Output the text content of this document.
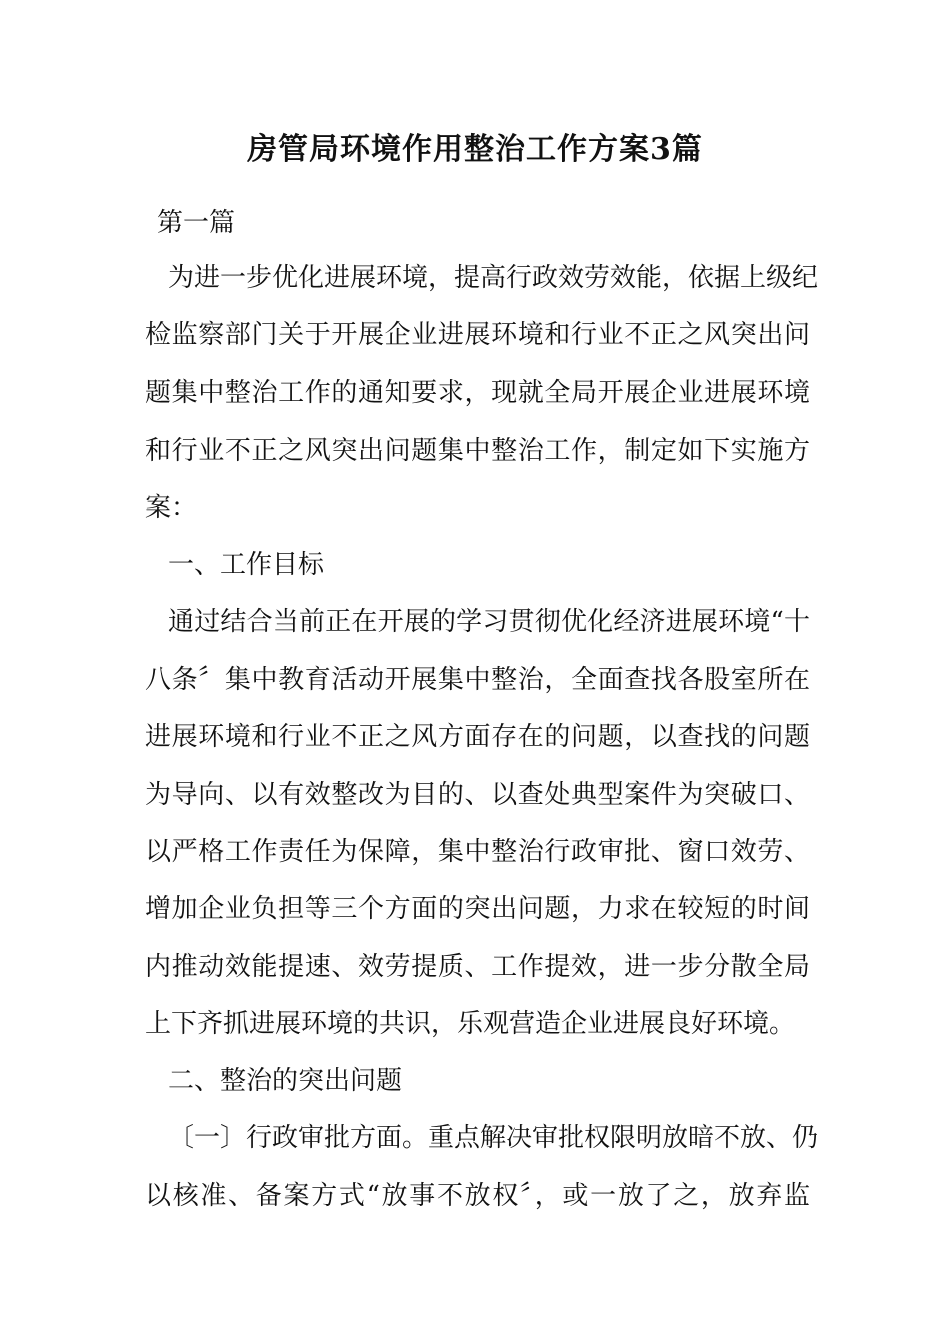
房管局环境作用整治工作方案3篇
第一篇
为进一步优化进展环境，提高行政效劳效能，依据上级纪
检监察部门关于开展企业进展环境和行业不正之风突出问
题集中整治工作的通知要求，现就全局开展企业进展环境
和行业不正之风突出问题集中整治工作，制定如下实施方
案：
一、工作目标
通过结合当前正在开展的学习贯彻优化经济进展环境“十
八条〞集中教育活动开展集中整治，全面查找各股室所在
进展环境和行业不正之风方面存在的问题，以查找的问题
为导向、以有效整改为目的、以查处典型案件为突破口、
以严格工作责任为保障，集中整治行政审批、窗口效劳、
增加企业负担等三个方面的突出问题，力求在较短的时间
内推动效能提速、效劳提质、工作提效，进一步分散全局
上下齐抓进展环境的共识，乐观营造企业进展良好环境。
二、整治的突出问题
〔一〕行政审批方面。重点解决审批权限明放暗不放、仍
以核准、备案方式“放事不放权〞，或一放了之，放弃监
